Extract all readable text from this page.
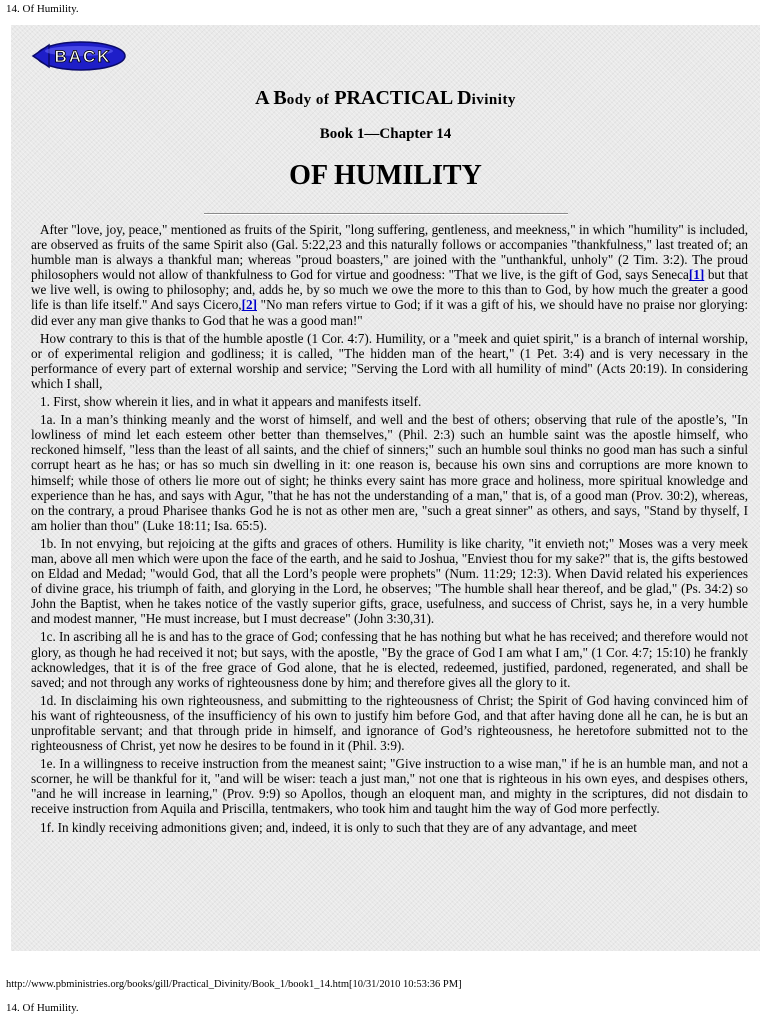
14. Of Humility.
BACK
A Body of PRACTICAL Divinity
Book 1—Chapter 14
OF HUMILITY

After "love, joy, peace," mentioned as fruits of the Spirit, "long suffering, gentleness, and meekness," in which "humility" is included, are observed as fruits of the same Spirit also (Gal. 5:22,23 and this naturally follows or accompanies "thankfulness," last treated of; an humble man is always a thankful man; whereas "proud boasters," are joined with the "unthankful, unholy" (2 Tim. 3:2). The proud philosophers would not allow of thankfulness to God for virtue and goodness: "That we live, is the gift of God, says Seneca[1] but that we live well, is owing to philosophy; and, adds he, by so much we owe the more to this than to God, by how much the greater a good life is than life itself." And says Cicero,[2] "No man refers virtue to God; if it was a gift of his, we should have no praise nor glorying: did ever any man give thanks to God that he was a good man!"

How contrary to this is that of the humble apostle (1 Cor. 4:7). Humility, or a "meek and quiet spirit," is a branch of internal worship, or of experimental religion and godliness; it is called, "The hidden man of the heart," (1 Pet. 3:4) and is very necessary in the performance of every part of external worship and service; "Serving the Lord with all humility of mind" (Acts 20:19). In considering which I shall,

1. First, show wherein it lies, and in what it appears and manifests itself.

1a. In a man’s thinking meanly and the worst of himself, and well and the best of others; observing that rule of the apostle’s, "In lowliness of mind let each esteem other better than themselves," (Phil. 2:3) such an humble saint was the apostle himself, who reckoned himself, "less than the least of all saints, and the chief of sinners;" such an humble soul thinks no good man has such a sinful corrupt heart as he has; or has so much sin dwelling in it: one reason is, because his own sins and corruptions are more known to himself; while those of others lie more out of sight; he thinks every saint has more grace and holiness, more spiritual knowledge and experience than he has, and says with Agur, "that he has not the understanding of a man," that is, of a good man (Prov. 30:2), whereas, on the contrary, a proud Pharisee thanks God he is not as other men are, "such a great sinner" as others, and says, "Stand by thyself, I am holier than thou" (Luke 18:11; Isa. 65:5).

1b. In not envying, but rejoicing at the gifts and graces of others. Humility is like charity, "it envieth not;" Moses was a very meek man, above all men which were upon the face of the earth, and he said to Joshua, "Enviest thou for my sake?" that is, the gifts bestowed on Eldad and Medad; "would God, that all the Lord’s people were prophets" (Num. 11:29; 12:3). When David related his experiences of divine grace, his triumph of faith, and glorying in the Lord, he observes; "The humble shall hear thereof, and be glad," (Ps. 34:2) so John the Baptist, when he takes notice of the vastly superior gifts, grace, usefulness, and success of Christ, says he, in a very humble and modest manner, "He must increase, but I must decrease" (John 3:30,31).

1c. In ascribing all he is and has to the grace of God; confessing that he has nothing but what he has received; and therefore would not glory, as though he had received it not; but says, with the apostle, "By the grace of God I am what I am," (1 Cor. 4:7; 15:10) he frankly acknowledges, that it is of the free grace of God alone, that he is elected, redeemed, justified, pardoned, regenerated, and shall be saved; and not through any works of righteousness done by him; and therefore gives all the glory to it.

1d. In disclaiming his own righteousness, and submitting to the righteousness of Christ; the Spirit of God having convinced him of his want of righteousness, of the insufficiency of his own to justify him before God, and that after having done all he can, he is but an unprofitable servant; and that through pride in himself, and ignorance of God’s righteousness, he heretofore submitted not to the righteousness of Christ, yet now he desires to be found in it (Phil. 3:9).

1e. In a willingness to receive instruction from the meanest saint; "Give instruction to a wise man," if he is an humble man, and not a scorner, he will be thankful for it, "and will be wiser: teach a just man," not one that is righteous in his own eyes, and despises others, "and he will increase in learning," (Prov. 9:9) so Apollos, though an eloquent man, and mighty in the scriptures, did not disdain to receive instruction from Aquila and Priscilla, tentmakers, who took him and taught him the way of God more perfectly.

1f. In kindly receiving admonitions given; and, indeed, it is only to such that they are of any advantage, and meet

http://www.pbministries.org/books/gill/Practical_Divinity/Book_1/book1_14.htm[10/31/2010 10:53:36 PM]
14. Of Humility.
